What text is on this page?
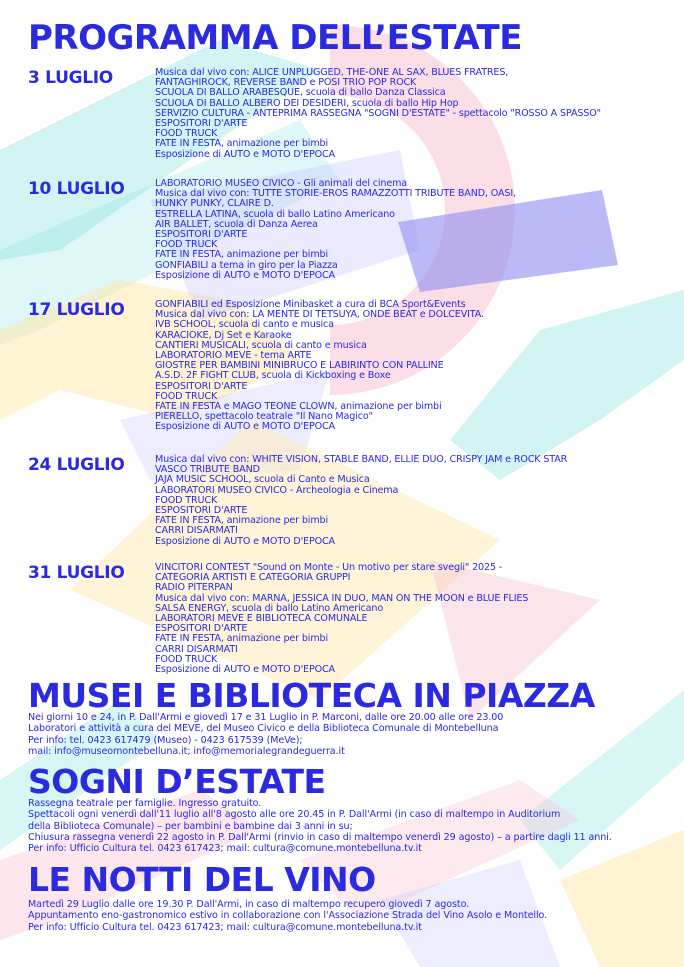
PROGRAMMA DELL’ESTATE
3 LUGLIO	Musica dal vivo con: ALICE UNPLUGGED, THE-ONE AL SAX, BLUES FRATRES,
FANTAGHIROCK, REVERSE BAND e POSI TRIO POP ROCK
SCUOLA DI BALLO ARABESQUE, scuola di ballo Danza Classica
SCUOLA DI BALLO ALBERO DEI DESIDERI, scuola di ballo Hip Hop
SERVIZIO CULTURA - ANTEPRIMA RASSEGNA "SOGNI D'ESTATE" - spettacolo "ROSSO A SPASSO"
ESPOSITORI D'ARTE
FOOD TRUCK
FATE IN FESTA, animazione per bimbi
Esposizione di AUTO e MOTO D'EPOCA
10 LUGLIO	LABORATORIO MUSEO CIVICO - Gli animali del cinema
Musica dal vivo con: TUTTE STORIE-EROS RAMAZZOTTI TRIBUTE BAND, OASI,
HUNKY PUNKY, CLAIRE D.
ESTRELLA LATINA, scuola di ballo Latino Americano
AIR BALLET, scuola di Danza Aerea
ESPOSITORI D'ARTE
FOOD TRUCK
FATE IN FESTA, animazione per bimbi
GONFIABILI a tema in giro per la Piazza
Esposizione di AUTO e MOTO D'EPOCA
17 LUGLIO	GONFIABILI ed Esposizione Minibasket a cura di BCA Sport&Events
Musica dal vivo con: LA MENTE DI TETSUYA, ONDE BEAT e DOLCEVITA.
IVB SCHOOL, scuola di canto e musica
KARACIOKE, Dj Set e Karaoke
CANTIERI MUSICALI, scuola di canto e musica
LABORATORIO MEVE - tema ARTE
GIOSTRE PER BAMBINI MINIBRUCO E LABIRINTO CON PALLINE
A.S.D. 2F FIGHT CLUB, scuola di Kickboxing e Boxe
ESPOSITORI D'ARTE
FOOD TRUCK
FATE IN FESTA e MAGO TEONE CLOWN, animazione per bimbi
PIERELLO, spettacolo teatrale "Il Nano Magico"
Esposizione di AUTO e MOTO D'EPOCA
24 LUGLIO	Musica dal vivo con: WHITE VISION, STABLE BAND, ELLIE DUO, CRISPY JAM e ROCK STAR
VASCO TRIBUTE BAND
JAJA MUSIC SCHOOL, scuola di Canto e Musica
LABORATORI MUSEO CIVICO - Archeologia e Cinema
FOOD TRUCK
ESPOSITORI D'ARTE
FATE IN FESTA, animazione per bimbi
CARRI DISARMATI
Esposizione di AUTO e MOTO D'EPOCA
31 LUGLIO	VINCITORI CONTEST "Sound on Monte - Un motivo per stare svegli" 2025 -
CATEGORIA ARTISTI E CATEGORIA GRUPPI
RADIO PITERPAN
Musica dal vivo con: MARNA, JESSICA IN DUO, MAN ON THE MOON e BLUE FLIES
SALSA ENERGY, scuola di ballo Latino Americano
LABORATORI MEVE E BIBLIOTECA COMUNALE
ESPOSITORI D'ARTE
FATE IN FESTA, animazione per bimbi
CARRI DISARMATI
FOOD TRUCK
Esposizione di AUTO e MOTO D'EPOCA
MUSEI E BIBLIOTECA IN PIAZZA
Nei giorni 10 e 24, in P. Dall'Armi e giovedì 17 e 31 Luglio in P. Marconi, dalle ore 20.00 alle ore 23.00
Laboratori e attività a cura del MEVE, del Museo Civico e della Biblioteca Comunale di Montebelluna
Per info: tel. 0423 617479 (Museo) - 0423 617539 (MeVe);
mail: info@museomontebelluna.it; info@memorialegrandeguerra.it
SOGNI D’ESTATE
Rassegna teatrale per famiglie. Ingresso gratuito.
Spettacoli ogni venerdì dall'11 luglio all'8 agosto alle ore 20.45 in P. Dall'Armi (in caso di maltempo in Auditorium
della Biblioteca Comunale) – per bambini e bambine dai 3 anni in su;
Chiusura rassegna venerdì 22 agosto in P. Dall'Armi (rinvio in caso di maltempo venerdì 29 agosto) – a partire dagli 11 anni.
Per info: Ufficio Cultura tel. 0423 617423; mail: cultura@comune.montebelluna.tv.it
LE NOTTI DEL VINO
Martedì 29 Luglio dalle ore 19.30 P. Dall'Armi, in caso di maltempo recupero giovedì 7 agosto.
Appuntamento eno-gastronomico estivo in collaborazione con l'Associazione Strada del Vino Asolo e Montello.
Per info: Ufficio Cultura tel. 0423 617423; mail: cultura@comune.montebelluna.tv.it
